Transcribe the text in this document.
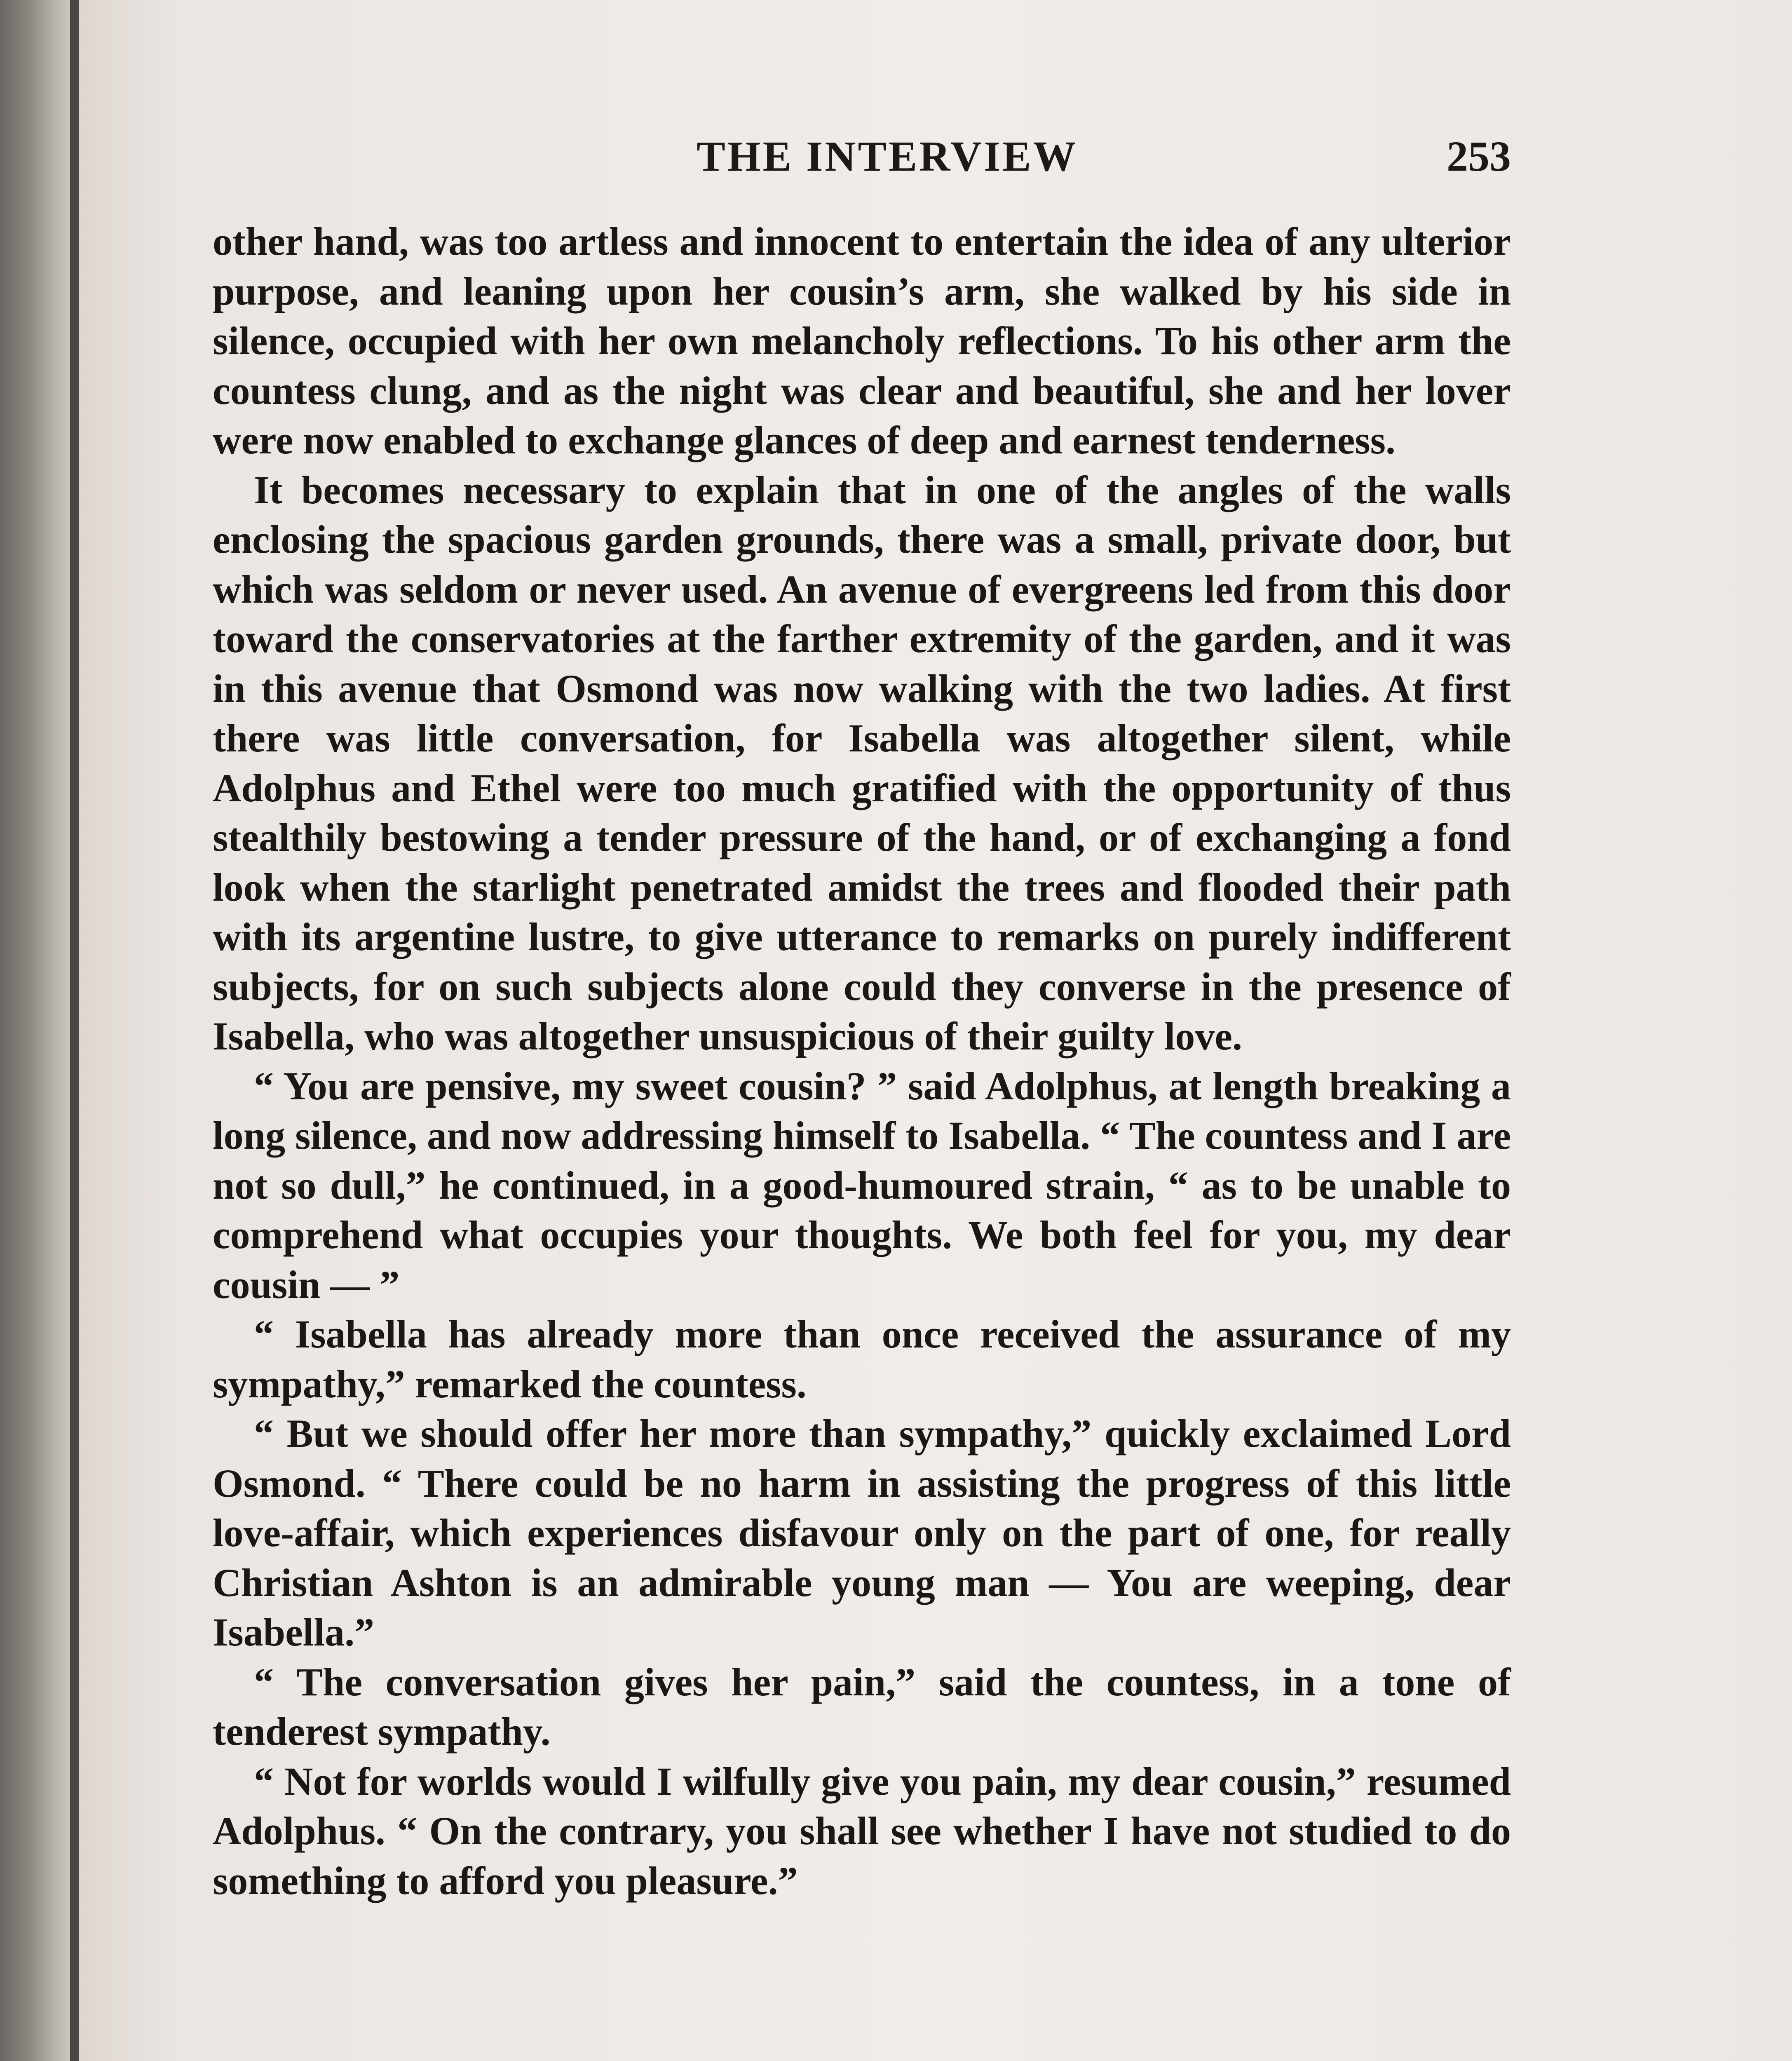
THE INTERVIEW	253

other hand, was too artless and innocent to entertain the idea of any ulterior purpose, and leaning upon her cousin’s arm, she walked by his side in silence, occupied with her own melancholy reflections. To his other arm the countess clung, and as the night was clear and beautiful, she and her lover were now enabled to exchange glances of deep and earnest tenderness.

It becomes necessary to explain that in one of the angles of the walls enclosing the spacious garden grounds, there was a small, private door, but which was seldom or never used. An avenue of evergreens led from this door toward the conservatories at the farther extremity of the garden, and it was in this avenue that Osmond was now walking with the two ladies. At first there was little conversation, for Isabella was altogether silent, while Adolphus and Ethel were too much gratified with the opportunity of thus stealthily bestowing a tender pressure of the hand, or of exchanging a fond look when the starlight penetrated amidst the trees and flooded their path with its argentine lustre, to give utterance to remarks on purely indifferent subjects, for on such subjects alone could they converse in the presence of Isabella, who was altogether unsuspicious of their guilty love.

“ You are pensive, my sweet cousin? ” said Adolphus, at length breaking a long silence, and now addressing himself to Isabella. “ The countess and I are not so dull,” he continued, in a good-humoured strain, “ as to be unable to comprehend what occupies your thoughts. We both feel for you, my dear cousin — ”

“ Isabella has already more than once received the assurance of my sympathy,” remarked the countess.

“ But we should offer her more than sympathy,” quickly exclaimed Lord Osmond. “ There could be no harm in assisting the progress of this little love-affair, which experiences disfavour only on the part of one, for really Christian Ashton is an admirable young man — You are weeping, dear Isabella.”

“ The conversation gives her pain,” said the countess, in a tone of tenderest sympathy.

“ Not for worlds would I wilfully give you pain, my dear cousin,” resumed Adolphus. “ On the contrary, you shall see whether I have not studied to do something to afford you pleasure.”
